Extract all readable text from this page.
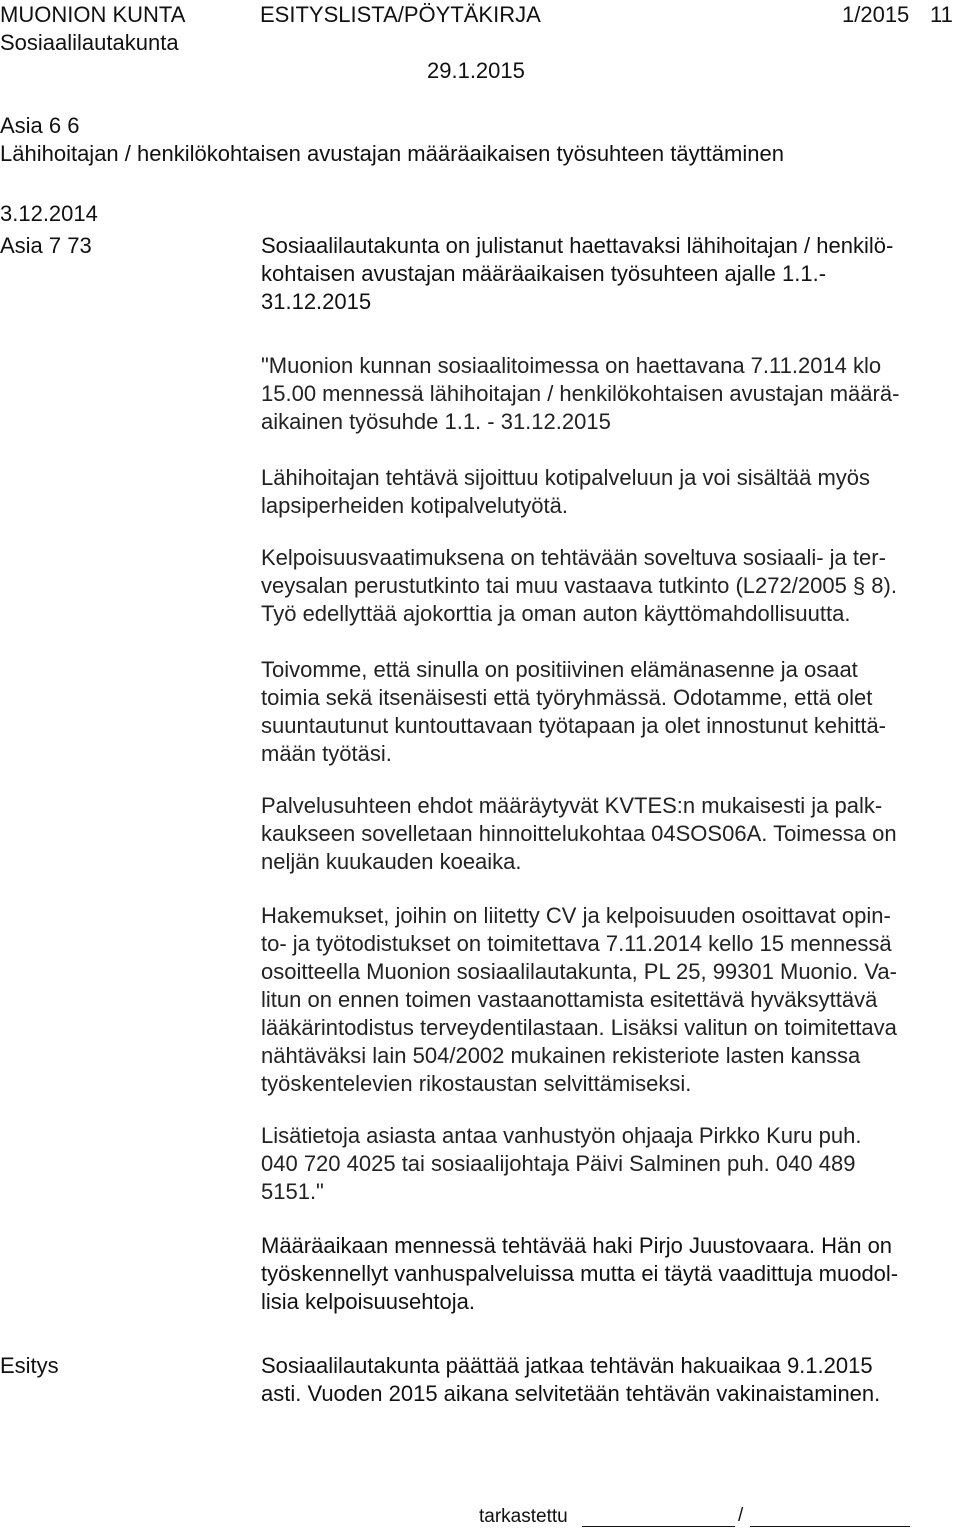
MUONION KUNTA	ESITYSLISTA/PÖYTÄKIRJA	1/2015 11
Sosiaalilautakunta
29.1.2015
Asia 6 6
Lähihoitajan / henkilökohtaisen avustajan määräaikaisen työsuhteen täyttäminen
3.12.2014
Asia 7 73	Sosiaalilautakunta on julistanut haettavaksi lähihoitajan / henkilö-
kohtaisen avustajan määräaikaisen työsuhteen ajalle 1.1.-
31.12.2015
"Muonion kunnan sosiaalitoimessa on haettavana 7.11.2014 klo
15.00 mennessä lähihoitajan / henkilökohtaisen avustajan määrä-
aikainen työsuhde 1.1. - 31.12.2015
Lähihoitajan tehtävä sijoittuu kotipalveluun ja voi sisältää myös
lapsiperheiden kotipalvelutyötä.
Kelpoisuusvaatimuksena on tehtävään soveltuva sosiaali- ja ter-
veysalan perustutkinto tai muu vastaava tutkinto (L272/2005 § 8).
Työ edellyttää ajokorttia ja oman auton käyttömahdollisuutta.
Toivomme, että sinulla on positiivinen elämänasenne ja osaat
toimia sekä itsenäisesti että työryhmässä. Odotamme, että olet
suuntautunut kuntouttavaan työtapaan ja olet innostunut kehittä-
mään työtäsi.
Palvelusuhteen ehdot määräytyvät KVTES:n mukaisesti ja palk-
kaukseen sovelletaan hinnoittelukohtaa 04SOS06A. Toimessa on
neljän kuukauden koeaika.
Hakemukset, joihin on liitetty CV ja kelpoisuuden osoittavat opin-
to- ja työtodistukset on toimitettava 7.11.2014 kello 15 mennessä
osoitteella Muonion sosiaalilautakunta, PL 25, 99301 Muonio. Va-
litun on ennen toimen vastaanottamista esitettävä hyväksyttävä
lääkärintodistus terveydentilastaan. Lisäksi valitun on toimitettava
nähtäväksi lain 504/2002 mukainen rekisteriote lasten kanssa
työskentelevien rikostaustan selvittämiseksi.
Lisätietoja asiasta antaa vanhustyön ohjaaja Pirkko Kuru puh.
040 720 4025 tai sosiaalijohtaja Päivi Salminen puh. 040 489
5151."
Määräaikaan mennessä tehtävää haki Pirjo Juustovaara. Hän on
työskennellyt vanhuspalveluissa mutta ei täytä vaadittuja muodol-
lisia kelpoisuusehtoja.
Esitys	Sosiaalilautakunta päättää jatkaa tehtävän hakuaikaa 9.1.2015
asti. Vuoden 2015 aikana selvitetään tehtävän vakinaistaminen.
tarkastettu	/
